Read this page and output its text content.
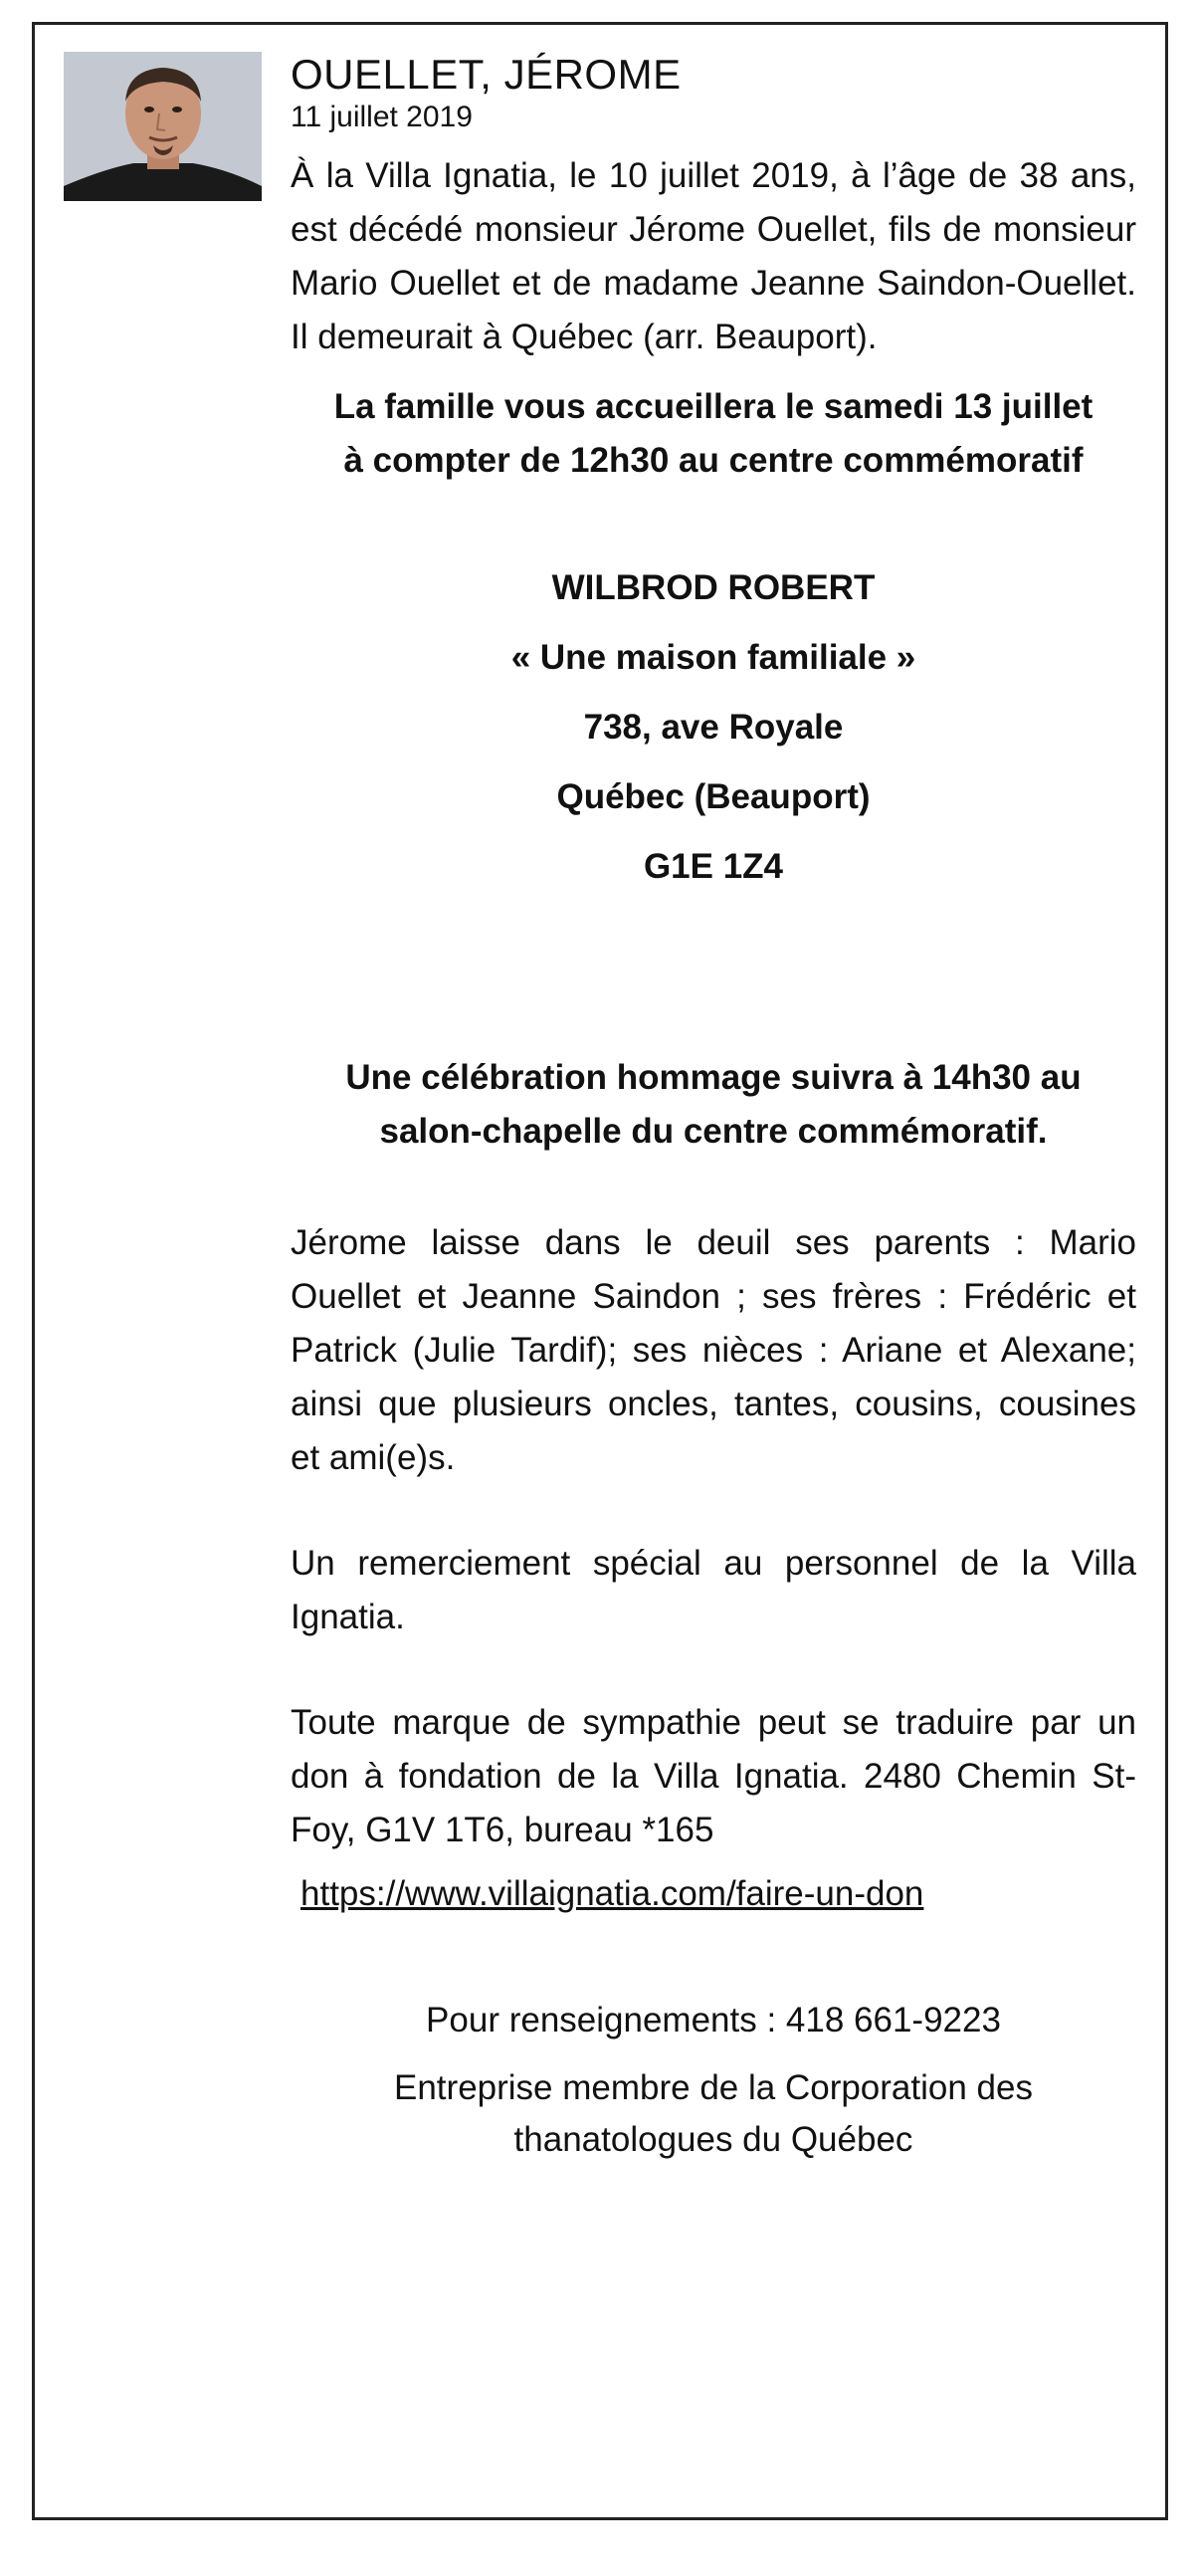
OUELLET, JÉROME

11 juillet 2019

À la Villa Ignatia, le 10 juillet 2019, à l’âge de 38 ans, est décédé monsieur Jérome Ouellet, fils de monsieur Mario Ouellet et de madame Jeanne Saindon-Ouellet. Il demeurait à Québec (arr. Beauport).

La famille vous accueillera le samedi 13 juillet

à compter de 12h30 au centre commémoratif

WILBROD ROBERT

« Une maison familiale »

738, ave Royale

Québec (Beauport)

G1E 1Z4

Une célébration hommage suivra à 14h30 au

salon-chapelle du centre commémoratif.

Jérome laisse dans le deuil ses parents : Mario Ouellet et Jeanne Saindon ; ses frères : Frédéric et Patrick (Julie Tardif); ses nièces : Ariane et Alexane; ainsi que plusieurs oncles, tantes, cousins, cousines et ami(e)s.

Un remerciement spécial au personnel de la Villa Ignatia.

Toute marque de sympathie peut se traduire par un don à fondation de la Villa Ignatia. 2480 Chemin St-Foy, G1V 1T6, bureau *165

https://www.villaignatia.com/faire-un-don

Pour renseignements : 418 661-9223

Entreprise membre de la Corporation des

thanatologues du Québec
